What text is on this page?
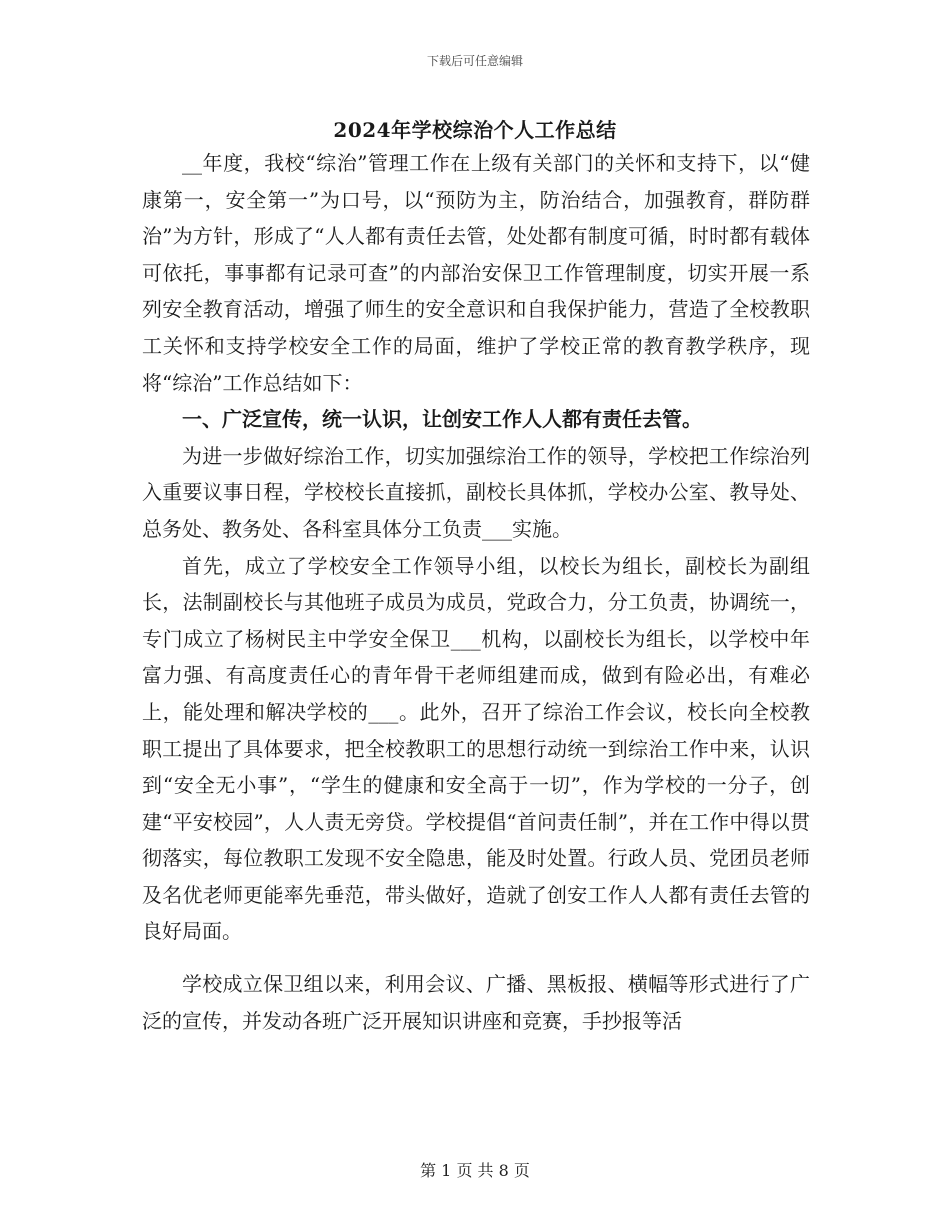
下载后可任意编辑
2024年学校综治个人工作总结

__年度，我校“综治”管理工作在上级有关部门的关怀和支持下，以“健康第一，安全第一”为口号，以“预防为主，防治结合，加强教育，群防群治”为方针，形成了“人人都有责任去管，处处都有制度可循，时时都有载体可依托，事事都有记录可查”的内部治安保卫工作管理制度，切实开展一系列安全教育活动，增强了师生的安全意识和自我保护能力，营造了全校教职工关怀和支持学校安全工作的局面，维护了学校正常的教育教学秩序，现将“综治”工作总结如下：

一、广泛宣传，统一认识，让创安工作人人都有责任去管。

为进一步做好综治工作，切实加强综治工作的领导，学校把工作综治列入重要议事日程，学校校长直接抓，副校长具体抓，学校办公室、教导处、总务处、教务处、各科室具体分工负责___实施。

首先，成立了学校安全工作领导小组，以校长为组长，副校长为副组长，法制副校长与其他班子成员为成员，党政合力，分工负责，协调统一，专门成立了杨树民主中学安全保卫___机构，以副校长为组长，以学校中年富力强、有高度责任心的青年骨干老师组建而成，做到有险必出，有难必上，能处理和解决学校的___。此外，召开了综治工作会议，校长向全校教职工提出了具体要求，把全校教职工的思想行动统一到综治工作中来，认识到“安全无小事”，“学生的健康和安全高于一切”，作为学校的一分子，创建“平安校园”，人人责无旁贷。学校提倡“首问责任制”，并在工作中得以贯彻落实，每位教职工发现不安全隐患，能及时处置。行政人员、党团员老师及名优老师更能率先垂范，带头做好，造就了创安工作人人都有责任去管的良好局面。

学校成立保卫组以来，利用会议、广播、黑板报、横幅等形式进行了广泛的宣传，并发动各班广泛开展知识讲座和竞赛，手抄报等活

第 1 页 共 8 页
